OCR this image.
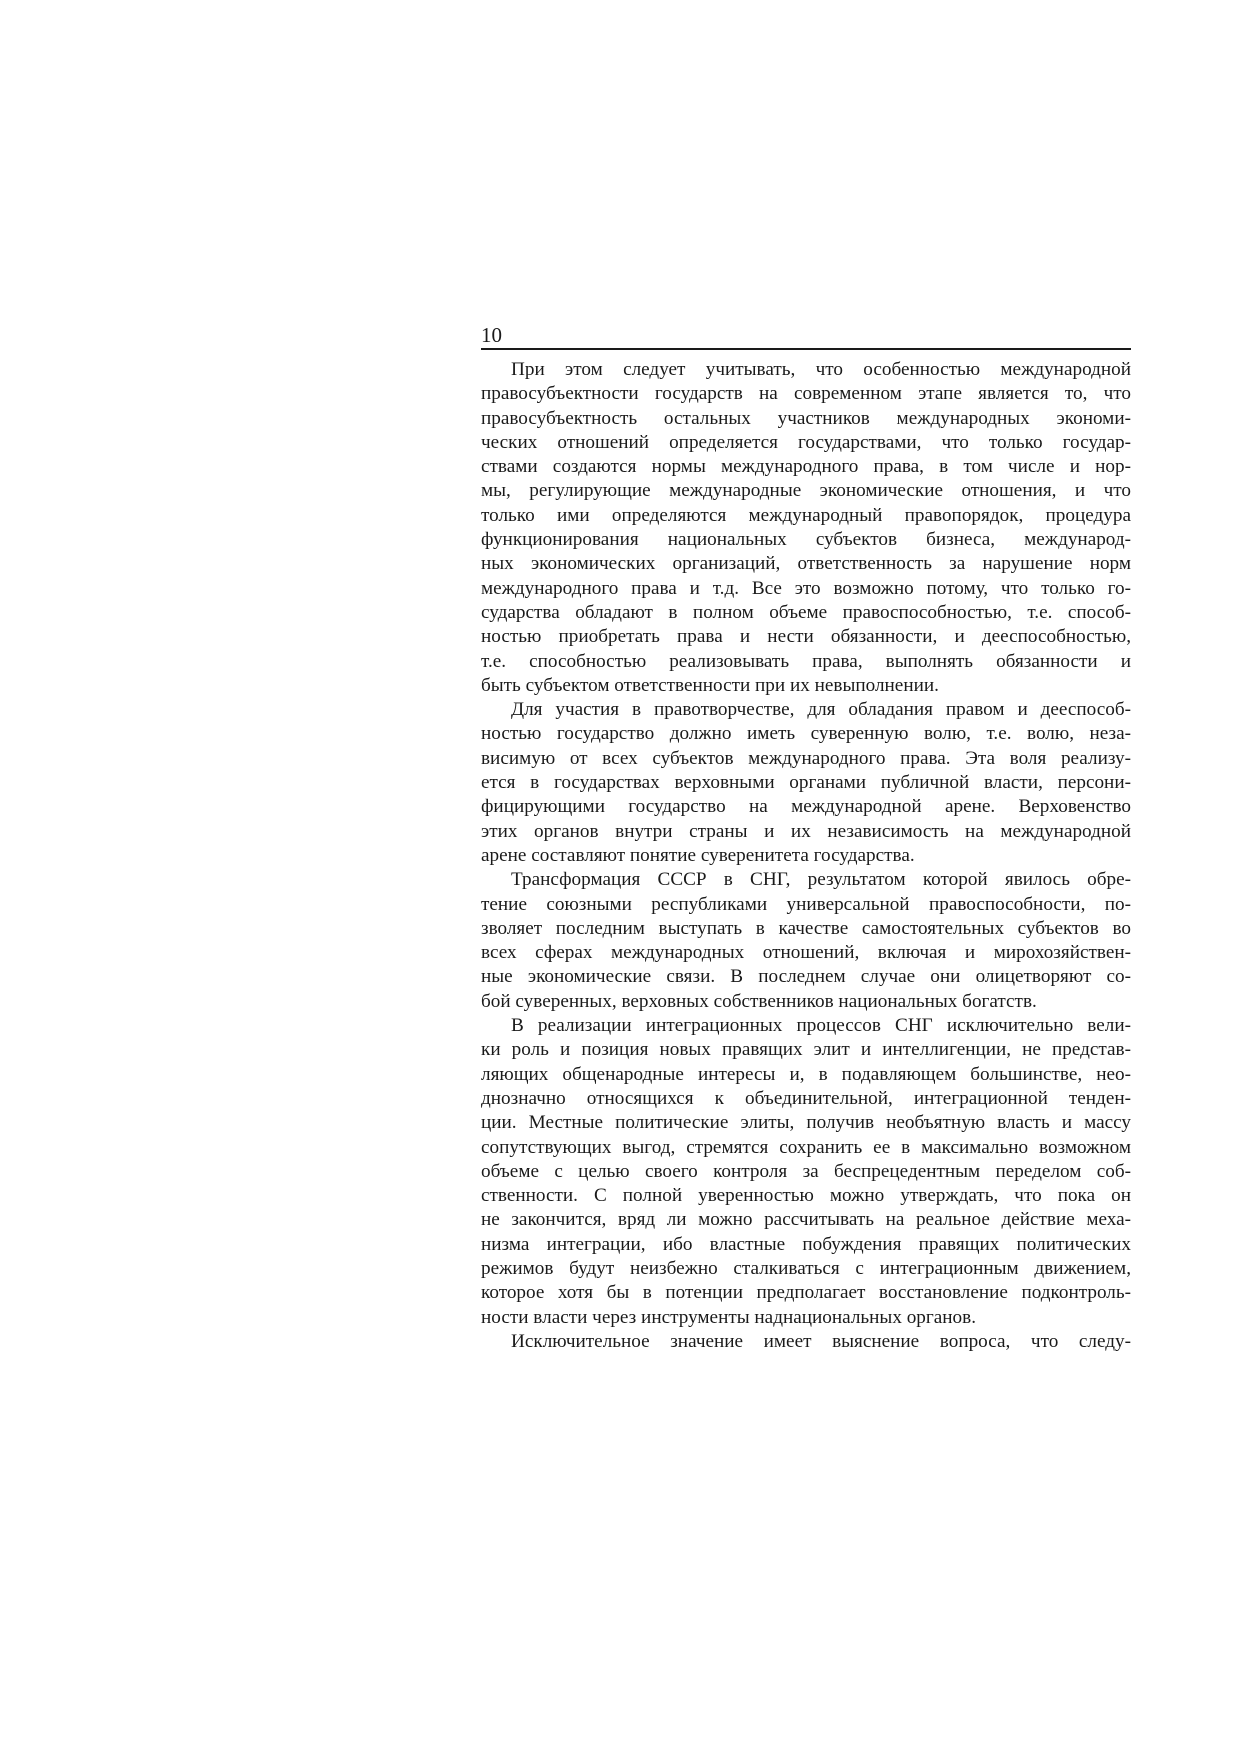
10
При этом следует учитывать, что особенностью международной
правосубъектности государств на современном этапе является то, что
правосубъектность остальных участников международных экономи-
ческих отношений определяется государствами, что только государ-
ствами создаются нормы международного права, в том числе и нор-
мы, регулирующие международные экономические отношения, и что
только ими определяются международный правопорядок, процедура
функционирования национальных субъектов бизнеса, международ-
ных экономических организаций, ответственность за нарушение норм
международного права и т.д. Все это возможно потому, что только го-
сударства обладают в полном объеме правоспособностью, т.е. способ-
ностью приобретать права и нести обязанности, и дееспособностью,
т.е. способностью реализовывать права, выполнять обязанности и
быть субъектом ответственности при их невыполнении.
Для участия в правотворчестве, для обладания правом и дееспособ-
ностью государство должно иметь суверенную волю, т.е. волю, неза-
висимую от всех субъектов международного права. Эта воля реализу-
ется в государствах верховными органами публичной власти, персони-
фицирующими государство на международной арене. Верховенство
этих органов внутри страны и их независимость на международной
арене составляют понятие суверенитета государства.
Трансформация СССР в СНГ, результатом которой явилось обре-
тение союзными республиками универсальной правоспособности, по-
зволяет последним выступать в качестве самостоятельных субъектов во
всех сферах международных отношений, включая и мирохозяйствен-
ные экономические связи. В последнем случае они олицетворяют со-
бой суверенных, верховных собственников национальных богатств.
В реализации интеграционных процессов СНГ исключительно вели-
ки роль и позиция новых правящих элит и интеллигенции, не представ-
ляющих общенародные интересы и, в подавляющем большинстве, нео-
днозначно относящихся к объединительной, интеграционной тенден-
ции. Местные политические элиты, получив необъятную власть и массу
сопутствующих выгод, стремятся сохранить ее в максимально возможном
объеме с целью своего контроля за беспрецедентным переделом соб-
ственности. С полной уверенностью можно утверждать, что пока он
не закончится, вряд ли можно рассчитывать на реальное действие меха-
низма интеграции, ибо властные побуждения правящих политических
режимов будут неизбежно сталкиваться с интеграционным движением,
которое хотя бы в потенции предполагает восстановление подконтроль-
ности власти через инструменты наднациональных органов.
Исключительное значение имеет выяснение вопроса, что следу-
